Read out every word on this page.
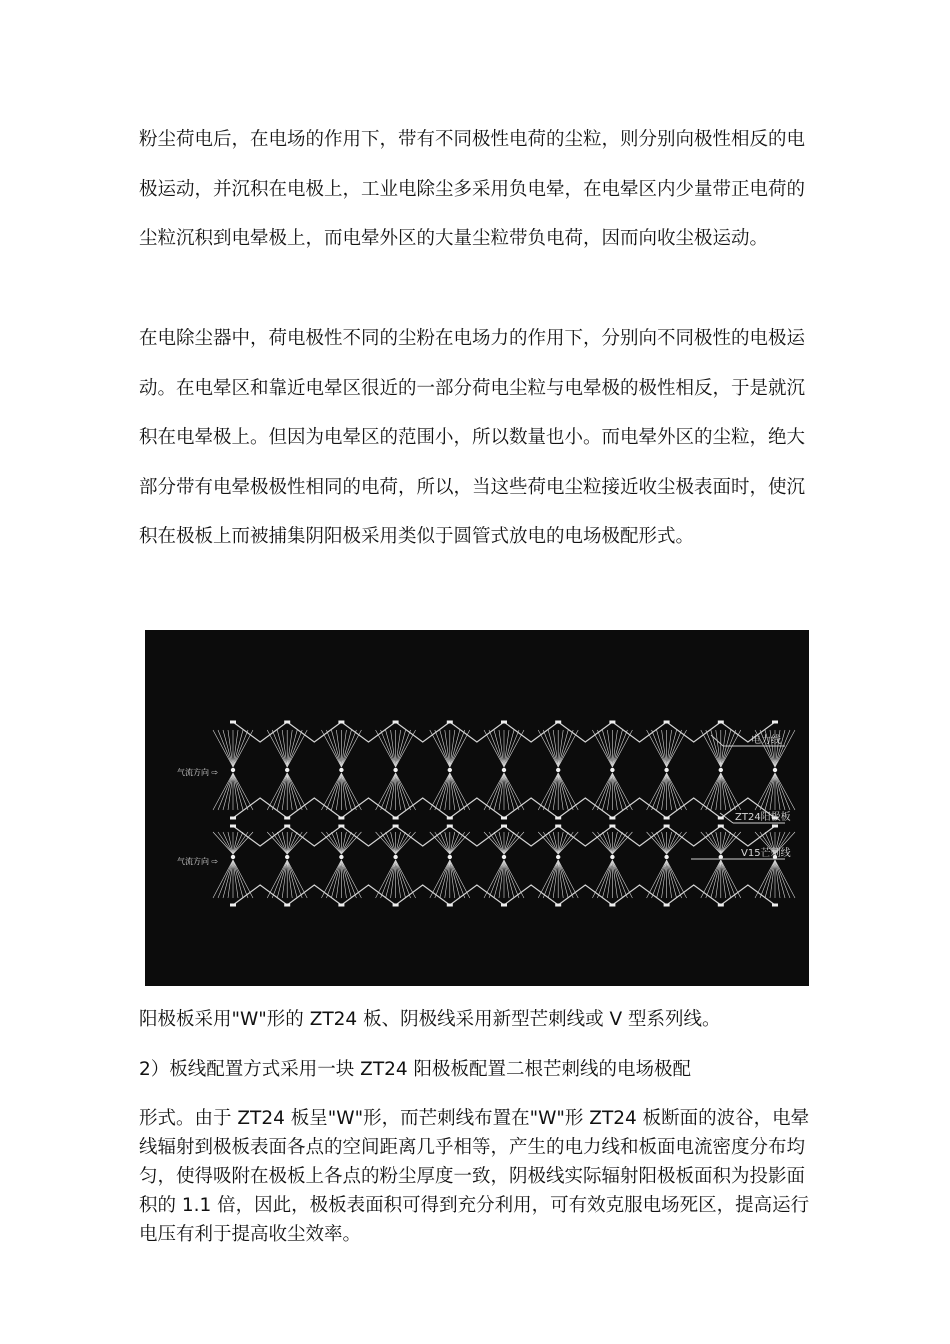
粉尘荷电后，在电场的作用下，带有不同极性电荷的尘粒，则分别向极性相反的电极运动，并沉积在电极上，工业电除尘多采用负电晕，在电晕区内少量带正电荷的尘粒沉积到电晕极上，而电晕外区的大量尘粒带负电荷，因而向收尘极运动。

在电除尘器中，荷电极性不同的尘粉在电场力的作用下，分别向不同极性的电极运动。在电晕区和靠近电晕区很近的一部分荷电尘粒与电晕极的极性相反，于是就沉积在电晕极上。但因为电晕区的范围小，所以数量也小。而电晕外区的尘粒，绝大部分带有电晕极极性相同的电荷，所以，当这些荷电尘粒接近收尘极表面时，使沉积在极板上而被捕集阴阳极采用类似于圆管式放电的电场极配形式。

电力线
ZT24阳极板
V15芒刺线
气流方向 ⇨
气流方向 ⇨

阳极板采用"W"形的 ZT24 板、阴极线采用新型芒刺线或 V 型系列线。

2）板线配置方式采用一块 ZT24 阳极板配置二根芒刺线的电场极配

形式。由于 ZT24 板呈"W"形，而芒刺线布置在"W"形 ZT24 板断面的波谷，电晕线辐射到极板表面各点的空间距离几乎相等，产生的电力线和板面电流密度分布均匀，使得吸附在极板上各点的粉尘厚度一致，阴极线实际辐射阳极板面积为投影面积的 1.1 倍，因此，极板表面积可得到充分利用，可有效克服电场死区，提高运行电压有利于提高收尘效率。
